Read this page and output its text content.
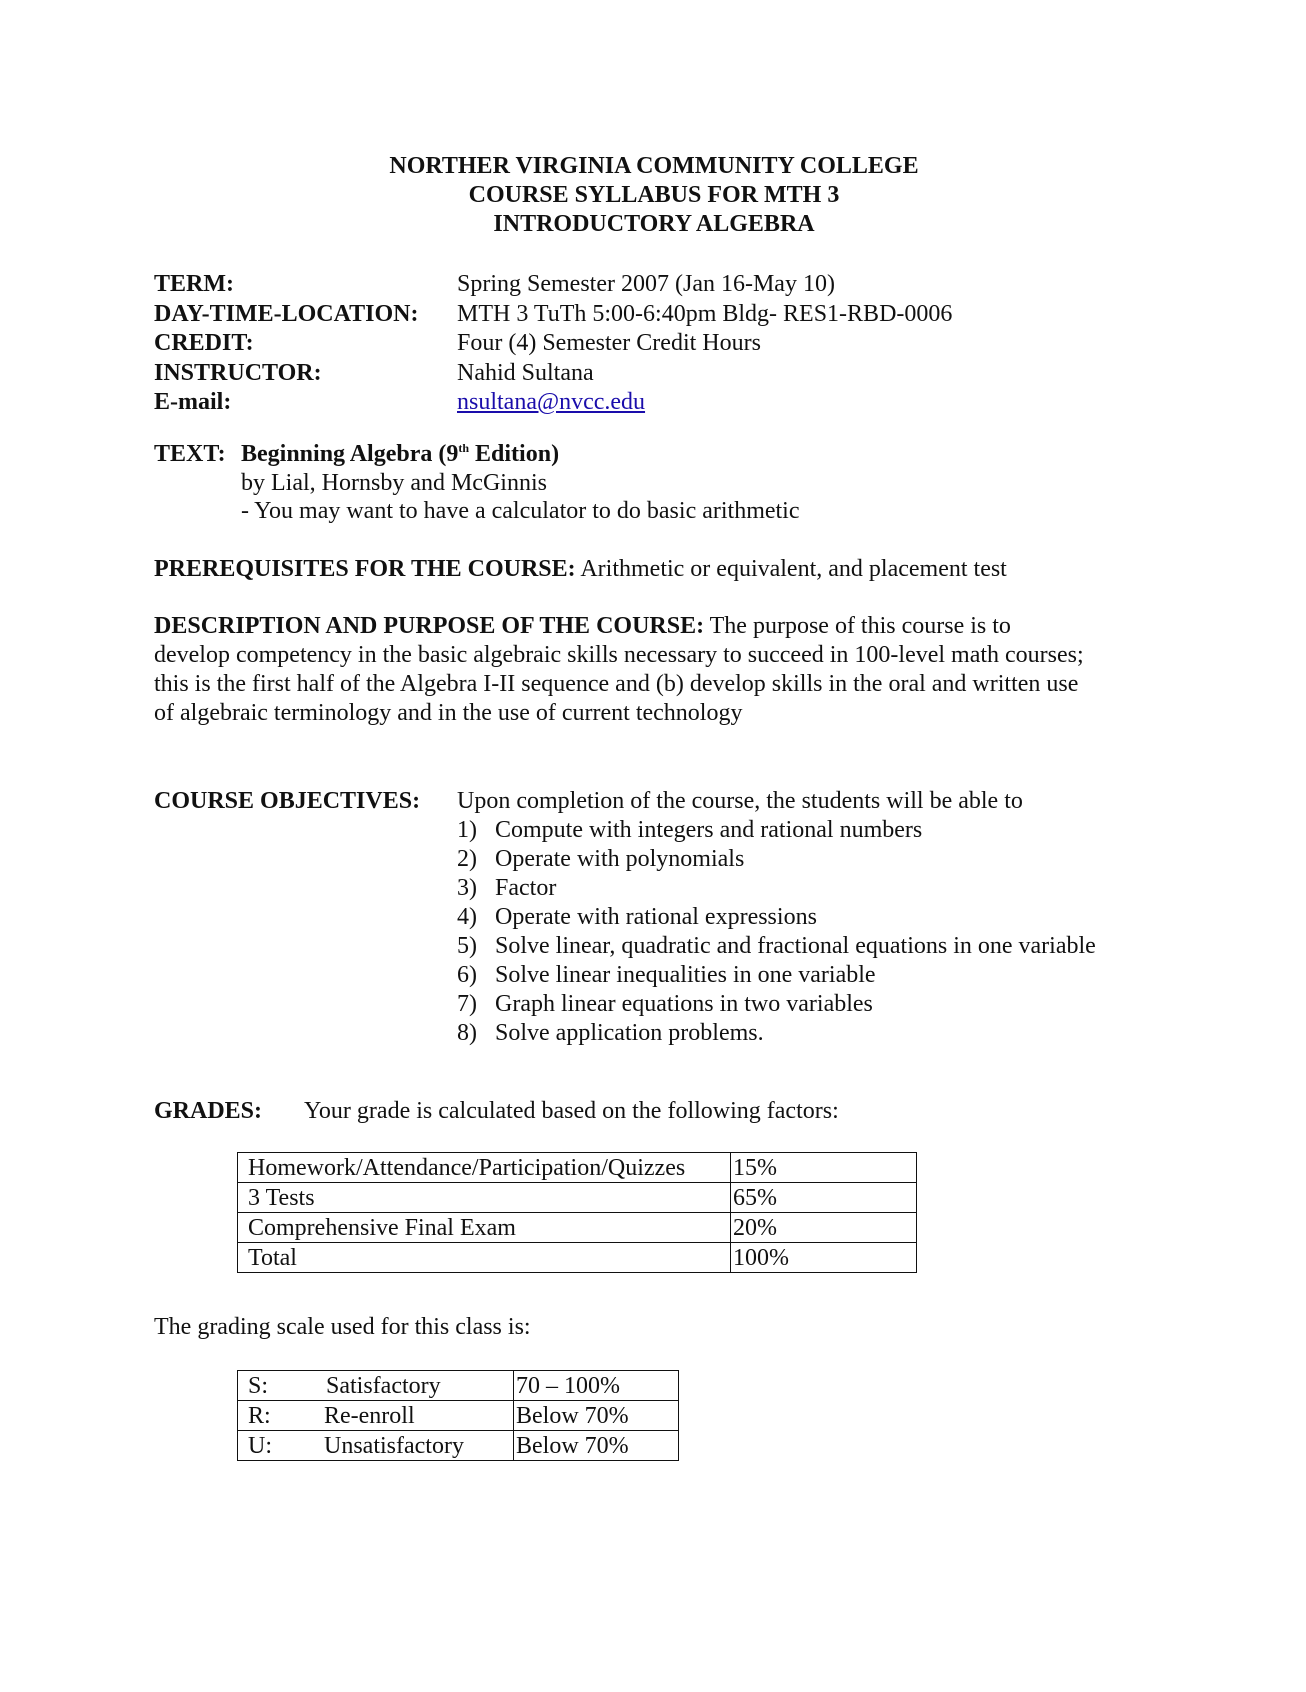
NORTHER VIRGINIA COMMUNITY COLLEGE
COURSE SYLLABUS FOR MTH 3
INTRODUCTORY ALGEBRA
TERM:	Spring Semester 2007 (Jan 16-May 10)
DAY-TIME-LOCATION: MTH 3 TuTh 5:00-6:40pm Bldg- RES1-RBD-0006
CREDIT:	Four (4) Semester Credit Hours
INSTRUCTOR:	Nahid Sultana
E-mail:	nsultana@nvcc.edu
TEXT: Beginning Algebra (9th Edition)
by Lial, Hornsby and McGinnis
- You may want to have a calculator to do basic arithmetic
PREREQUISITES FOR THE COURSE: Arithmetic or equivalent, and placement test
DESCRIPTION AND PURPOSE OF THE COURSE: The purpose of this course is to
develop competency in the basic algebraic skills necessary to succeed in 100-level math courses;
this is the first half of the Algebra I-II sequence and (b) develop skills in the oral and written use
of algebraic terminology and in the use of current technology
COURSE OBJECTIVES: Upon completion of the course, the students will be able to
1) Compute with integers and rational numbers
2) Operate with polynomials
3) Factor
4) Operate with rational expressions
5) Solve linear, quadratic and fractional equations in one variable
6) Solve linear inequalities in one variable
7) Graph linear equations in two variables
8) Solve application problems.
GRADES: Your grade is calculated based on the following factors:
Homework/Attendance/Participation/Quizzes	15%
3 Tests	65%
Comprehensive Final Exam	20%
Total	100%
The grading scale used for this class is:
S: Satisfactory	70 – 100%
R: Re-enroll	Below 70%
U: Unsatisfactory	Below 70%
